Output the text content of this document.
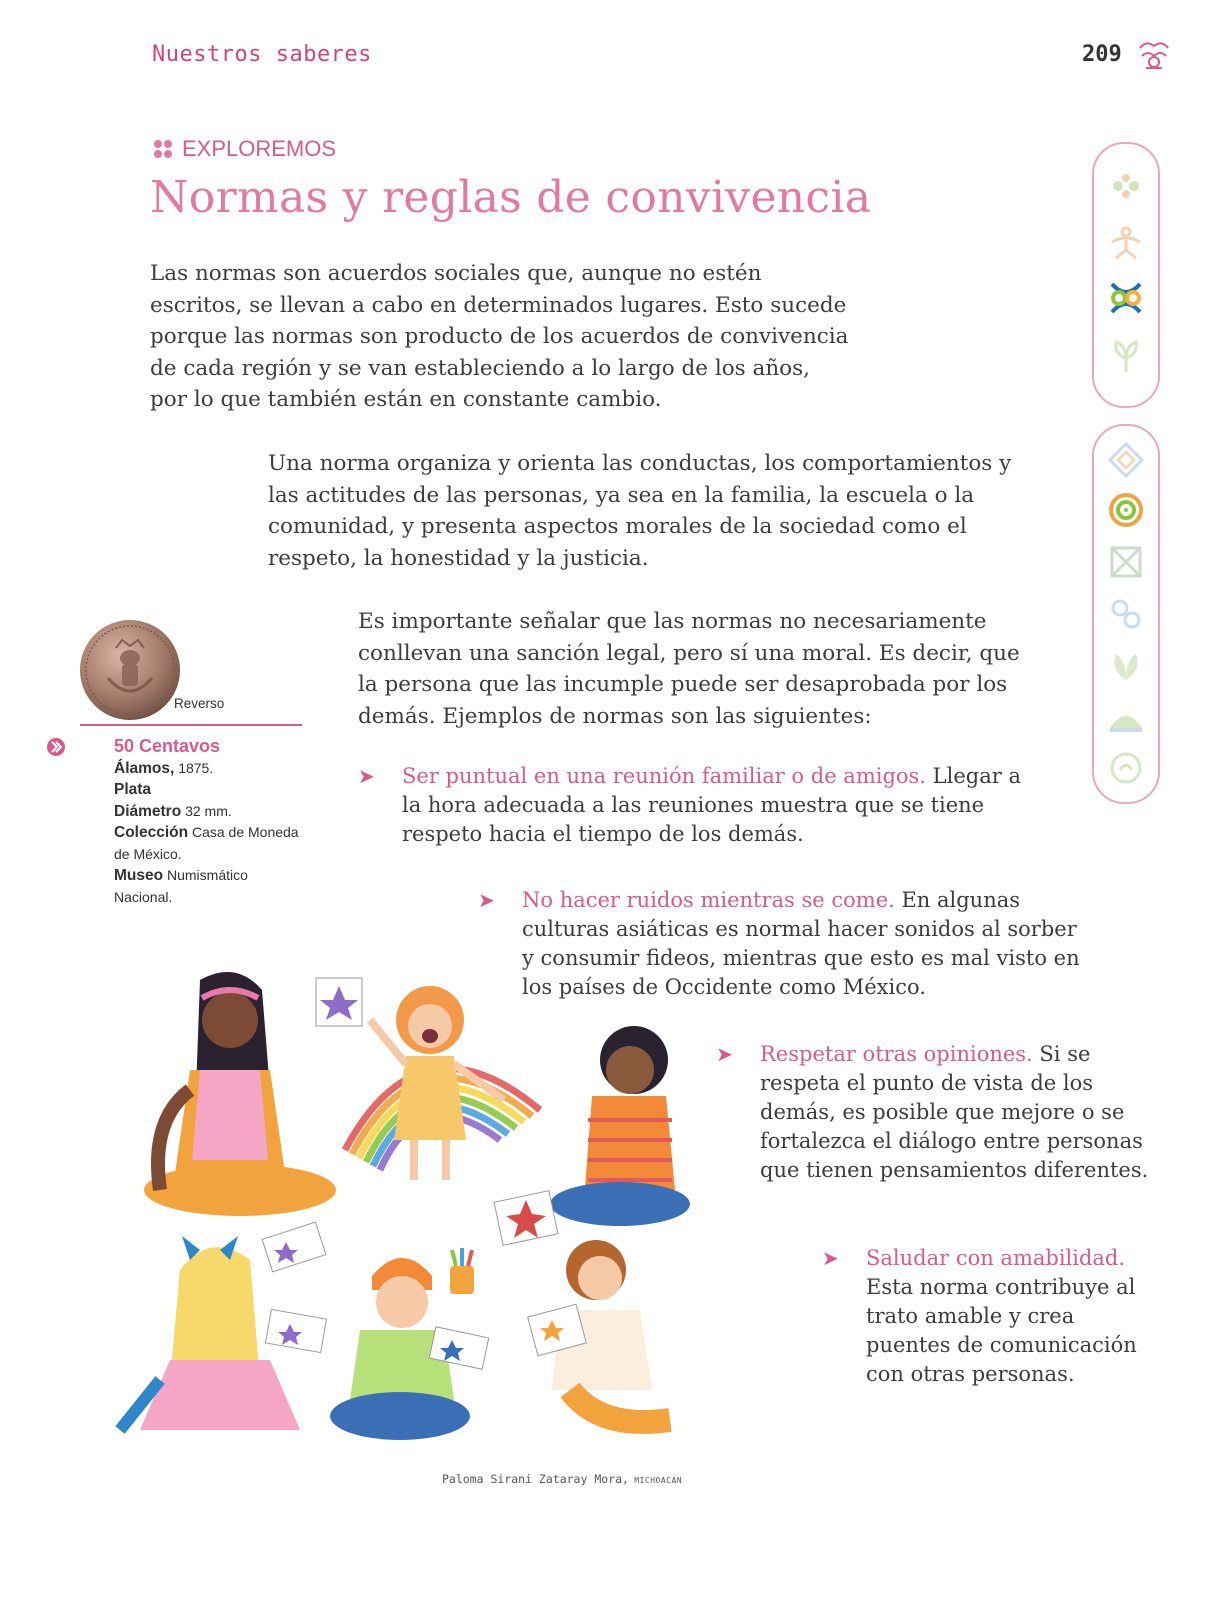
Nuestros saberes	209
EXPLOREMOS
Normas y reglas de convivencia

Las normas son acuerdos sociales que, aunque no estén escritos, se llevan a cabo en determinados lugares. Esto sucede porque las normas son producto de los acuerdos de convivencia de cada región y se van estableciendo a lo largo de los años, por lo que también están en constante cambio.

Una norma organiza y orienta las conductas, los comportamientos y las actitudes de las personas, ya sea en la familia, la escuela o la comunidad, y presenta aspectos morales de la sociedad como el respeto, la honestidad y la justicia.

Es importante señalar que las normas no necesariamente conllevan una sanción legal, pero sí una moral. Es decir, que la persona que las incumple puede ser desaprobada por los demás. Ejemplos de normas son las siguientes:

➤ Ser puntual en una reunión familiar o de amigos. Llegar a la hora adecuada a las reuniones muestra que se tiene respeto hacia el tiempo de los demás.
➤ No hacer ruidos mientras se come. En algunas culturas asiáticas es normal hacer sonidos al sorber y consumir fideos, mientras que esto es mal visto en los países de Occidente como México.
➤ Respetar otras opiniones. Si se respeta el punto de vista de los demás, es posible que mejore o se fortalezca el diálogo entre personas que tienen pensamientos diferentes.
➤ Saludar con amabilidad. Esta norma contribuye al trato amable y crea puentes de comunicación con otras personas.
Reverso
50 Centavos
Álamos, 1875.
Plata
Diámetro 32 mm.
Colección Casa de Moneda de México.
Museo Numismático Nacional.
Paloma Sirani Zataray Mora, MICHOACÁN
